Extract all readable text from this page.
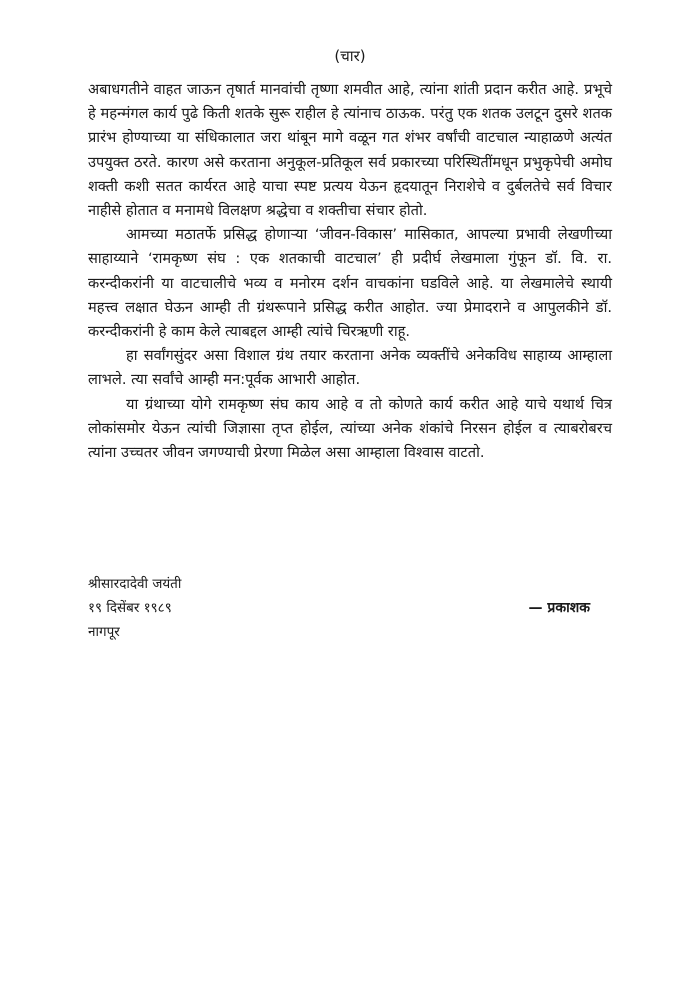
(चार)

अबाधगतीने वाहत जाऊन तृषार्त मानवांची तृष्णा शमवीत आहे, त्यांना शांती प्रदान करीत आहे. प्रभूचे हे महन्मंगल कार्य पुढे किती शतके सुरू राहील हे त्यांनाच ठाऊक. परंतु एक शतक उलटून दुसरे शतक प्रारंभ होण्याच्या या संधिकालात जरा थांबून मागे वळून गत शंभर वर्षांची वाटचाल न्याहाळणे अत्यंत उपयुक्त ठरते. कारण असे करताना अनुकूल-प्रतिकूल सर्व प्रकारच्या परिस्थितींमधून प्रभुकृपेची अमोघ शक्ती कशी सतत कार्यरत आहे याचा स्पष्ट प्रत्यय येऊन हृदयातून निराशेचे व दुर्बलतेचे सर्व विचार नाहीसे होतात व मनामधे विलक्षण श्रद्धेचा व शक्तीचा संचार होतो.

आमच्या मठातर्फे प्रसिद्ध होणाऱ्या ‘जीवन-विकास’ मासिकात, आपल्या प्रभावी लेखणीच्या साहाय्याने ‘रामकृष्ण संघ : एक शतकाची वाटचाल’ ही प्रदीर्घ लेखमाला गुंफून डॉ. वि. रा. करन्दीकरांनी या वाटचालीचे भव्य व मनोरम दर्शन वाचकांना घडविले आहे. या लेखमालेचे स्थायी महत्त्व लक्षात घेऊन आम्ही ती ग्रंथरूपाने प्रसिद्ध करीत आहोत. ज्या प्रेमादराने व आपुलकीने डॉ. करन्दीकरांनी हे काम केले त्याबद्दल आम्ही त्यांचे चिरऋणी राहू.

हा सर्वांगसुंदर असा विशाल ग्रंथ तयार करताना अनेक व्यक्तींचे अनेकविध साहाय्य आम्हाला लाभले. त्या सर्वांचे आम्ही मन:पूर्वक आभारी आहोत.

या ग्रंथाच्या योगे रामकृष्ण संघ काय आहे व तो कोणते कार्य करीत आहे याचे यथार्थ चित्र लोकांसमोर येऊन त्यांची जिज्ञासा तृप्त होईल, त्यांच्या अनेक शंकांचे निरसन होईल व त्याबरोबरच त्यांना उच्चतर जीवन जगण्याची प्रेरणा मिळेल असा आम्हाला विश्वास वाटतो.

श्रीसारदादेवी जयंती
१९ दिसेंबर १९८९	— प्रकाशक
नागपूर
